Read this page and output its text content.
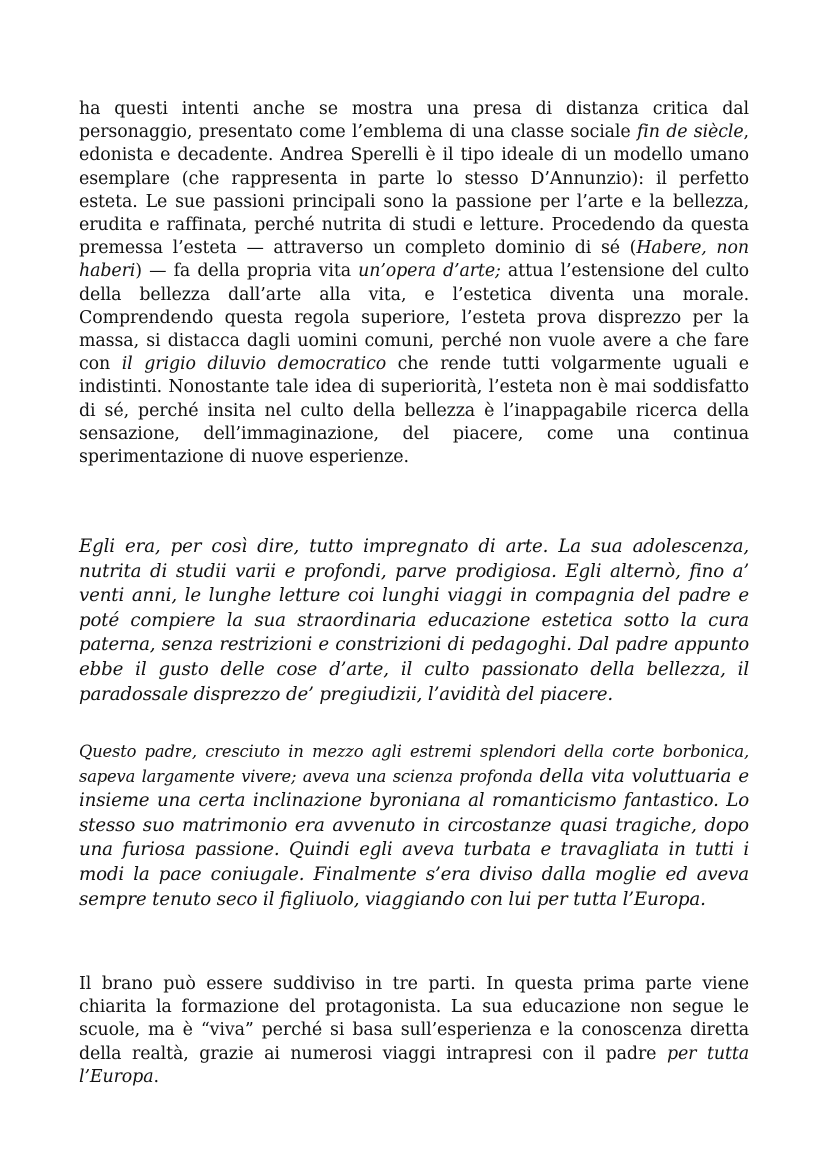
ha questi intenti anche se mostra una presa di distanza critica dal personaggio, presentato come l’emblema di una classe sociale fin de siècle, edonista e decadente. Andrea Sperelli è il tipo ideale di un modello umano esemplare (che rappresenta in parte lo stesso D’Annunzio): il perfetto esteta. Le sue passioni principali sono la passione per l’arte e la bellezza, erudita e raffinata, perché nutrita di studi e letture. Procedendo da questa premessa l’esteta — attraverso un completo dominio di sé (Habere, non haberi) — fa della propria vita un’opera d’arte; attua l’estensione del culto della bellezza dall’arte alla vita, e l’estetica diventa una morale. Comprendendo questa regola superiore, l’esteta prova disprezzo per la massa, si distacca dagli uomini comuni, perché non vuole avere a che fare con il grigio diluvio democratico che rende tutti volgarmente uguali e indistinti. Nonostante tale idea di superiorità, l’esteta non è mai soddisfatto di sé, perché insita nel culto della bellezza è l’inappagabile ricerca della sensazione, dell’immaginazione, del piacere, come una continua sperimentazione di nuove esperienze.

Egli era, per così dire, tutto impregnato di arte. La sua adolescenza, nutrita di studii varii e profondi, parve prodigiosa. Egli alternò, fino a’ venti anni, le lunghe letture coi lunghi viaggi in compagnia del padre e poté compiere la sua straordinaria educazione estetica sotto la cura paterna, senza restrizioni e constrizioni di pedagoghi. Dal padre appunto ebbe il gusto delle cose d’arte, il culto passionato della bellezza, il paradossale disprezzo de’ pregiudizii, l’avidità del piacere.

Questo padre, cresciuto in mezzo agli estremi splendori della corte borbonica, sapeva largamente vivere; aveva una scienza profonda della vita voluttuaria e insieme una certa inclinazione byroniana al romanticismo fantastico. Lo stesso suo matrimonio era avvenuto in circostanze quasi tragiche, dopo una furiosa passione. Quindi egli aveva turbata e travagliata in tutti i modi la pace coniugale. Finalmente s’era diviso dalla moglie ed aveva sempre tenuto seco il figliuolo, viaggiando con lui per tutta l’Europa.

Il brano può essere suddiviso in tre parti. In questa prima parte viene chiarita la formazione del protagonista. La sua educazione non segue le scuole, ma è “viva” perché si basa sull’esperienza e la conoscenza diretta della realtà, grazie ai numerosi viaggi intrapresi con il padre per tutta l’Europa.
